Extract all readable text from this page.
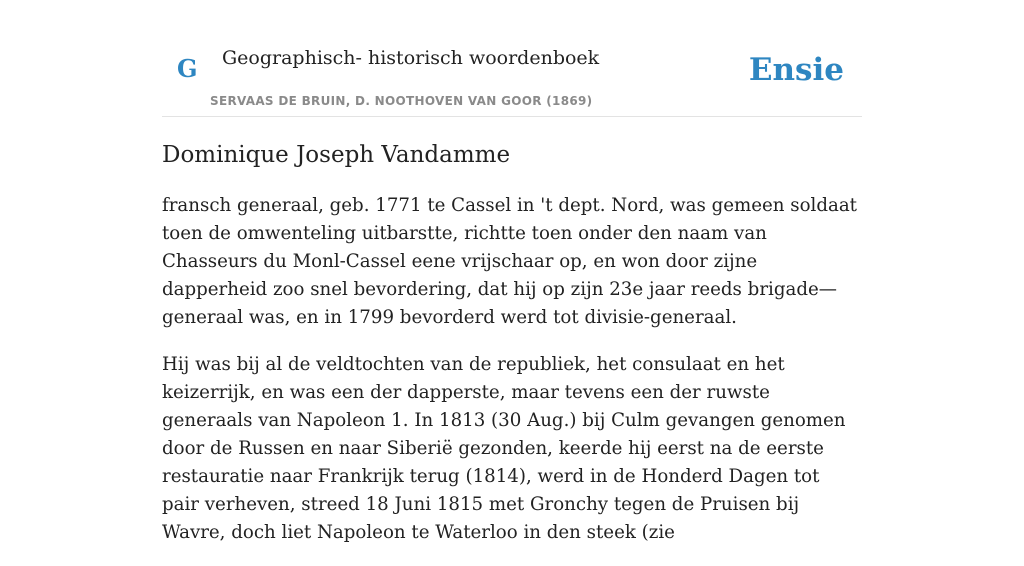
G Geographisch- historisch woordenboek
SERVAAS DE BRUIN, D. NOOTHOVEN VAN GOOR (1869)
Ensie
Dominique Joseph Vandamme

fransch generaal, geb. 1771 te Cassel in 't dept. Nord, was gemeen soldaat toen de omwenteling uitbarstte, richtte toen onder den naam van Chasseurs du Monl-Cassel eene vrijschaar op, en won door zijne dapperheid zoo snel bevordering, dat hij op zijn 23e jaar reeds brigade—generaal was, en in 1799 bevorderd werd tot divisie-generaal.

Hij was bij al de veldtochten van de republiek, het consulaat en het keizerrijk, en was een der dapperste, maar tevens een der ruwste generaals van Napoleon 1. In 1813 (30 Aug.) bij Culm gevangen genomen door de Russen en naar Siberië gezonden, keerde hij eerst na de eerste restauratie naar Frankrijk terug (1814), werd in de Honderd Dagen tot pair verheven, streed 18 Juni 1815 met Gronchy tegen de Pruisen bij Wavre, doch liet Napoleon te Waterloo in den steek (zie
